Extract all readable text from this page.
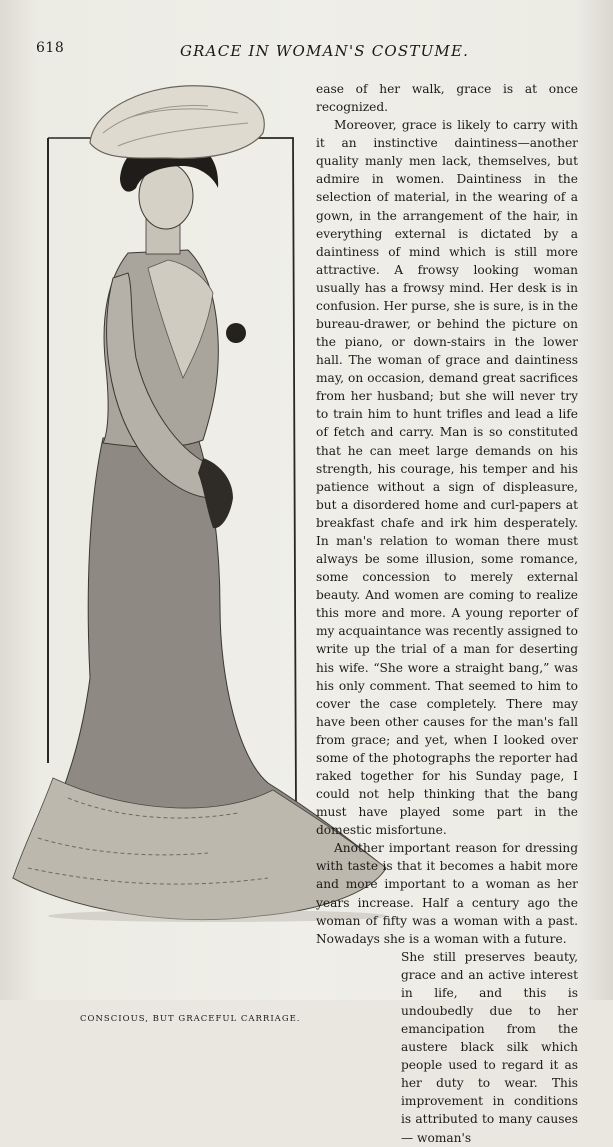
618	GRACE IN WOMAN'S COSTUME.
CONSCIOUS, BUT GRACEFUL CARRIAGE.

ease of her walk, grace is at once recognized.

Moreover, grace is likely to carry with it an instinctive daintiness—another quality manly men lack, themselves, but admire in women. Daintiness in the selection of material, in the wearing of a gown, in the arrangement of the hair, in everything external is dictated by a daintiness of mind which is still more attractive. A frowsy looking woman usually has a frowsy mind. Her desk is in confusion. Her purse, she is sure, is in the bureau-drawer, or behind the picture on the piano, or down-stairs in the lower hall. The woman of grace and daintiness may, on occasion, demand great sacrifices from her husband; but she will never try to train him to hunt trifles and lead a life of fetch and carry. Man is so constituted that he can meet large demands on his strength, his courage, his temper and his patience without a sign of displeasure, but a disordered home and curl-papers at breakfast chafe and irk him desperately. In man's relation to woman there must always be some illusion, some romance, some concession to merely external beauty. And women are coming to realize this more and more. A young reporter of my acquaintance was recently assigned to write up the trial of a man for deserting his wife. “She wore a straight bang,” was his only comment. That seemed to him to cover the case completely. There may have been other causes for the man's fall from grace; and yet, when I looked over some of the photographs the reporter had raked together for his Sunday page, I could not help thinking that the bang must have played some part in the domestic misfortune.

Another important reason for dressing with taste is that it becomes a habit more and more important to a woman as her years increase. Half a century ago the woman of fifty was a woman with a past. Nowadays she is a woman with a future.

She still preserves beauty, grace and an active interest in life, and this is undoubedly due to her emancipation from the austere black silk which people used to regard it as her duty to wear. This improvement in conditions is attributed to many causes — woman's
